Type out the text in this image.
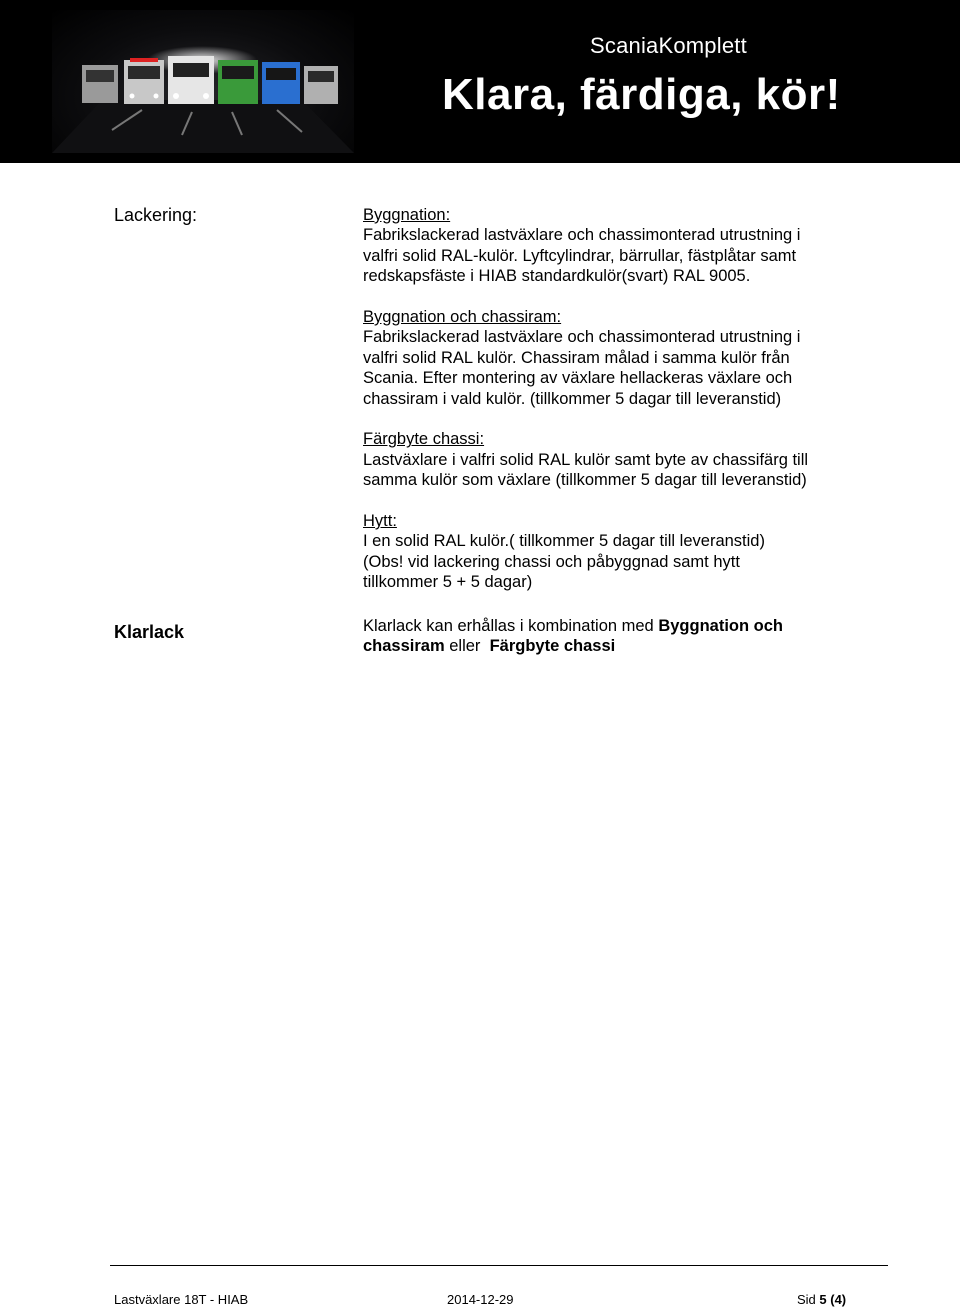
ScaniaKomplett
Klara, färdiga, kör!
Lackering:	Byggnation:
Fabrikslackerad lastväxlare och chassimonterad utrustning i
valfri solid RAL-kulör. Lyftcylindrar, bärrullar, fästplåtar samt
redskapsfäste i HIAB standardkulör(svart) RAL 9005.

Byggnation och chassiram:
Fabrikslackerad lastväxlare och chassimonterad utrustning i
valfri solid RAL kulör. Chassiram målad i samma kulör från
Scania. Efter montering av växlare hellackeras växlare och
chassiram i vald kulör. (tillkommer 5 dagar till leveranstid)

Färgbyte chassi:
Lastväxlare i valfri solid RAL kulör samt byte av chassifärg till
samma kulör som växlare (tillkommer 5 dagar till leveranstid)

Hytt:
I en solid RAL kulör.( tillkommer 5 dagar till leveranstid)
(Obs! vid lackering chassi och påbyggnad samt hytt
tillkommer 5 + 5 dagar)

Klarlack	Klarlack kan erhållas i kombination med Byggnation och
chassiram eller  Färgbyte chassi
Lastväxlare 18T - HIAB	2014-12-29	Sid 5 (4)
